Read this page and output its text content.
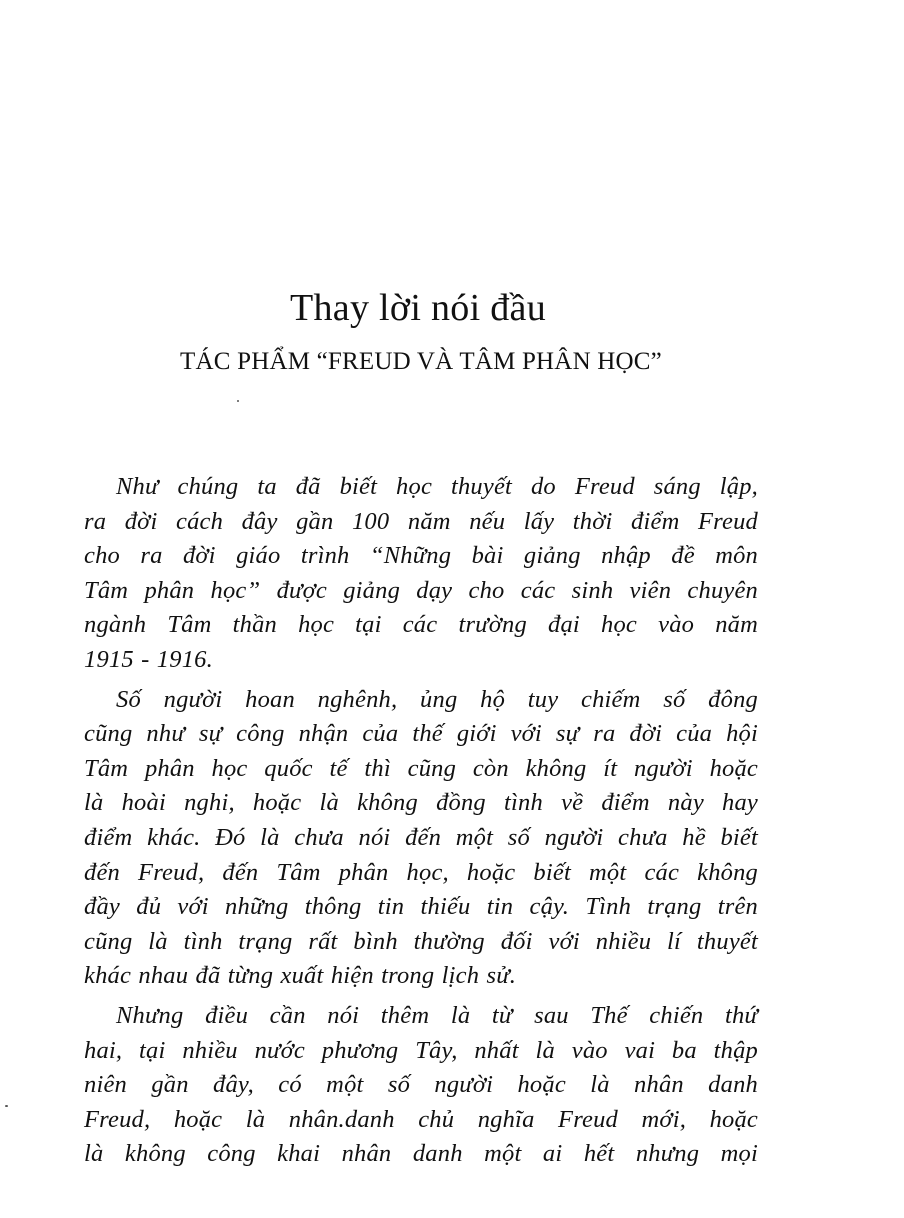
Thay lời nói đầu
TÁC PHẨM “FREUD VÀ TÂM PHÂN HỌC”

Như chúng ta đã biết học thuyết do Freud sáng lập,
ra đời cách đây gần 100 năm nếu lấy thời điểm Freud
cho ra đời giáo trình “Những bài giảng nhập đề môn
Tâm phân học” được giảng dạy cho các sinh viên chuyên
ngành Tâm thần học tại các trường đại học vào năm
1915 - 1916.

Số người hoan nghênh, ủng hộ tuy chiếm số đông
cũng như sự công nhận của thế giới với sự ra đời của hội
Tâm phân học quốc tế thì cũng còn không ít người hoặc
là hoài nghi, hoặc là không đồng tình về điểm này hay
điểm khác. Đó là chưa nói đến một số người chưa hề biết
đến Freud, đến Tâm phân học, hoặc biết một các không
đầy đủ với những thông tin thiếu tin cậy. Tình trạng trên
cũng là tình trạng rất bình thường đối với nhiều lí thuyết
khác nhau đã từng xuất hiện trong lịch sử.

Nhưng điều cần nói thêm là từ sau Thế chiến thứ
hai, tại nhiều nước phương Tây, nhất là vào vai ba thập
niên gần đây, có một số người hoặc là nhân danh
Freud, hoặc là nhân.danh chủ nghĩa Freud mới, hoặc
là không công khai nhân danh một ai hết nhưng mọi
